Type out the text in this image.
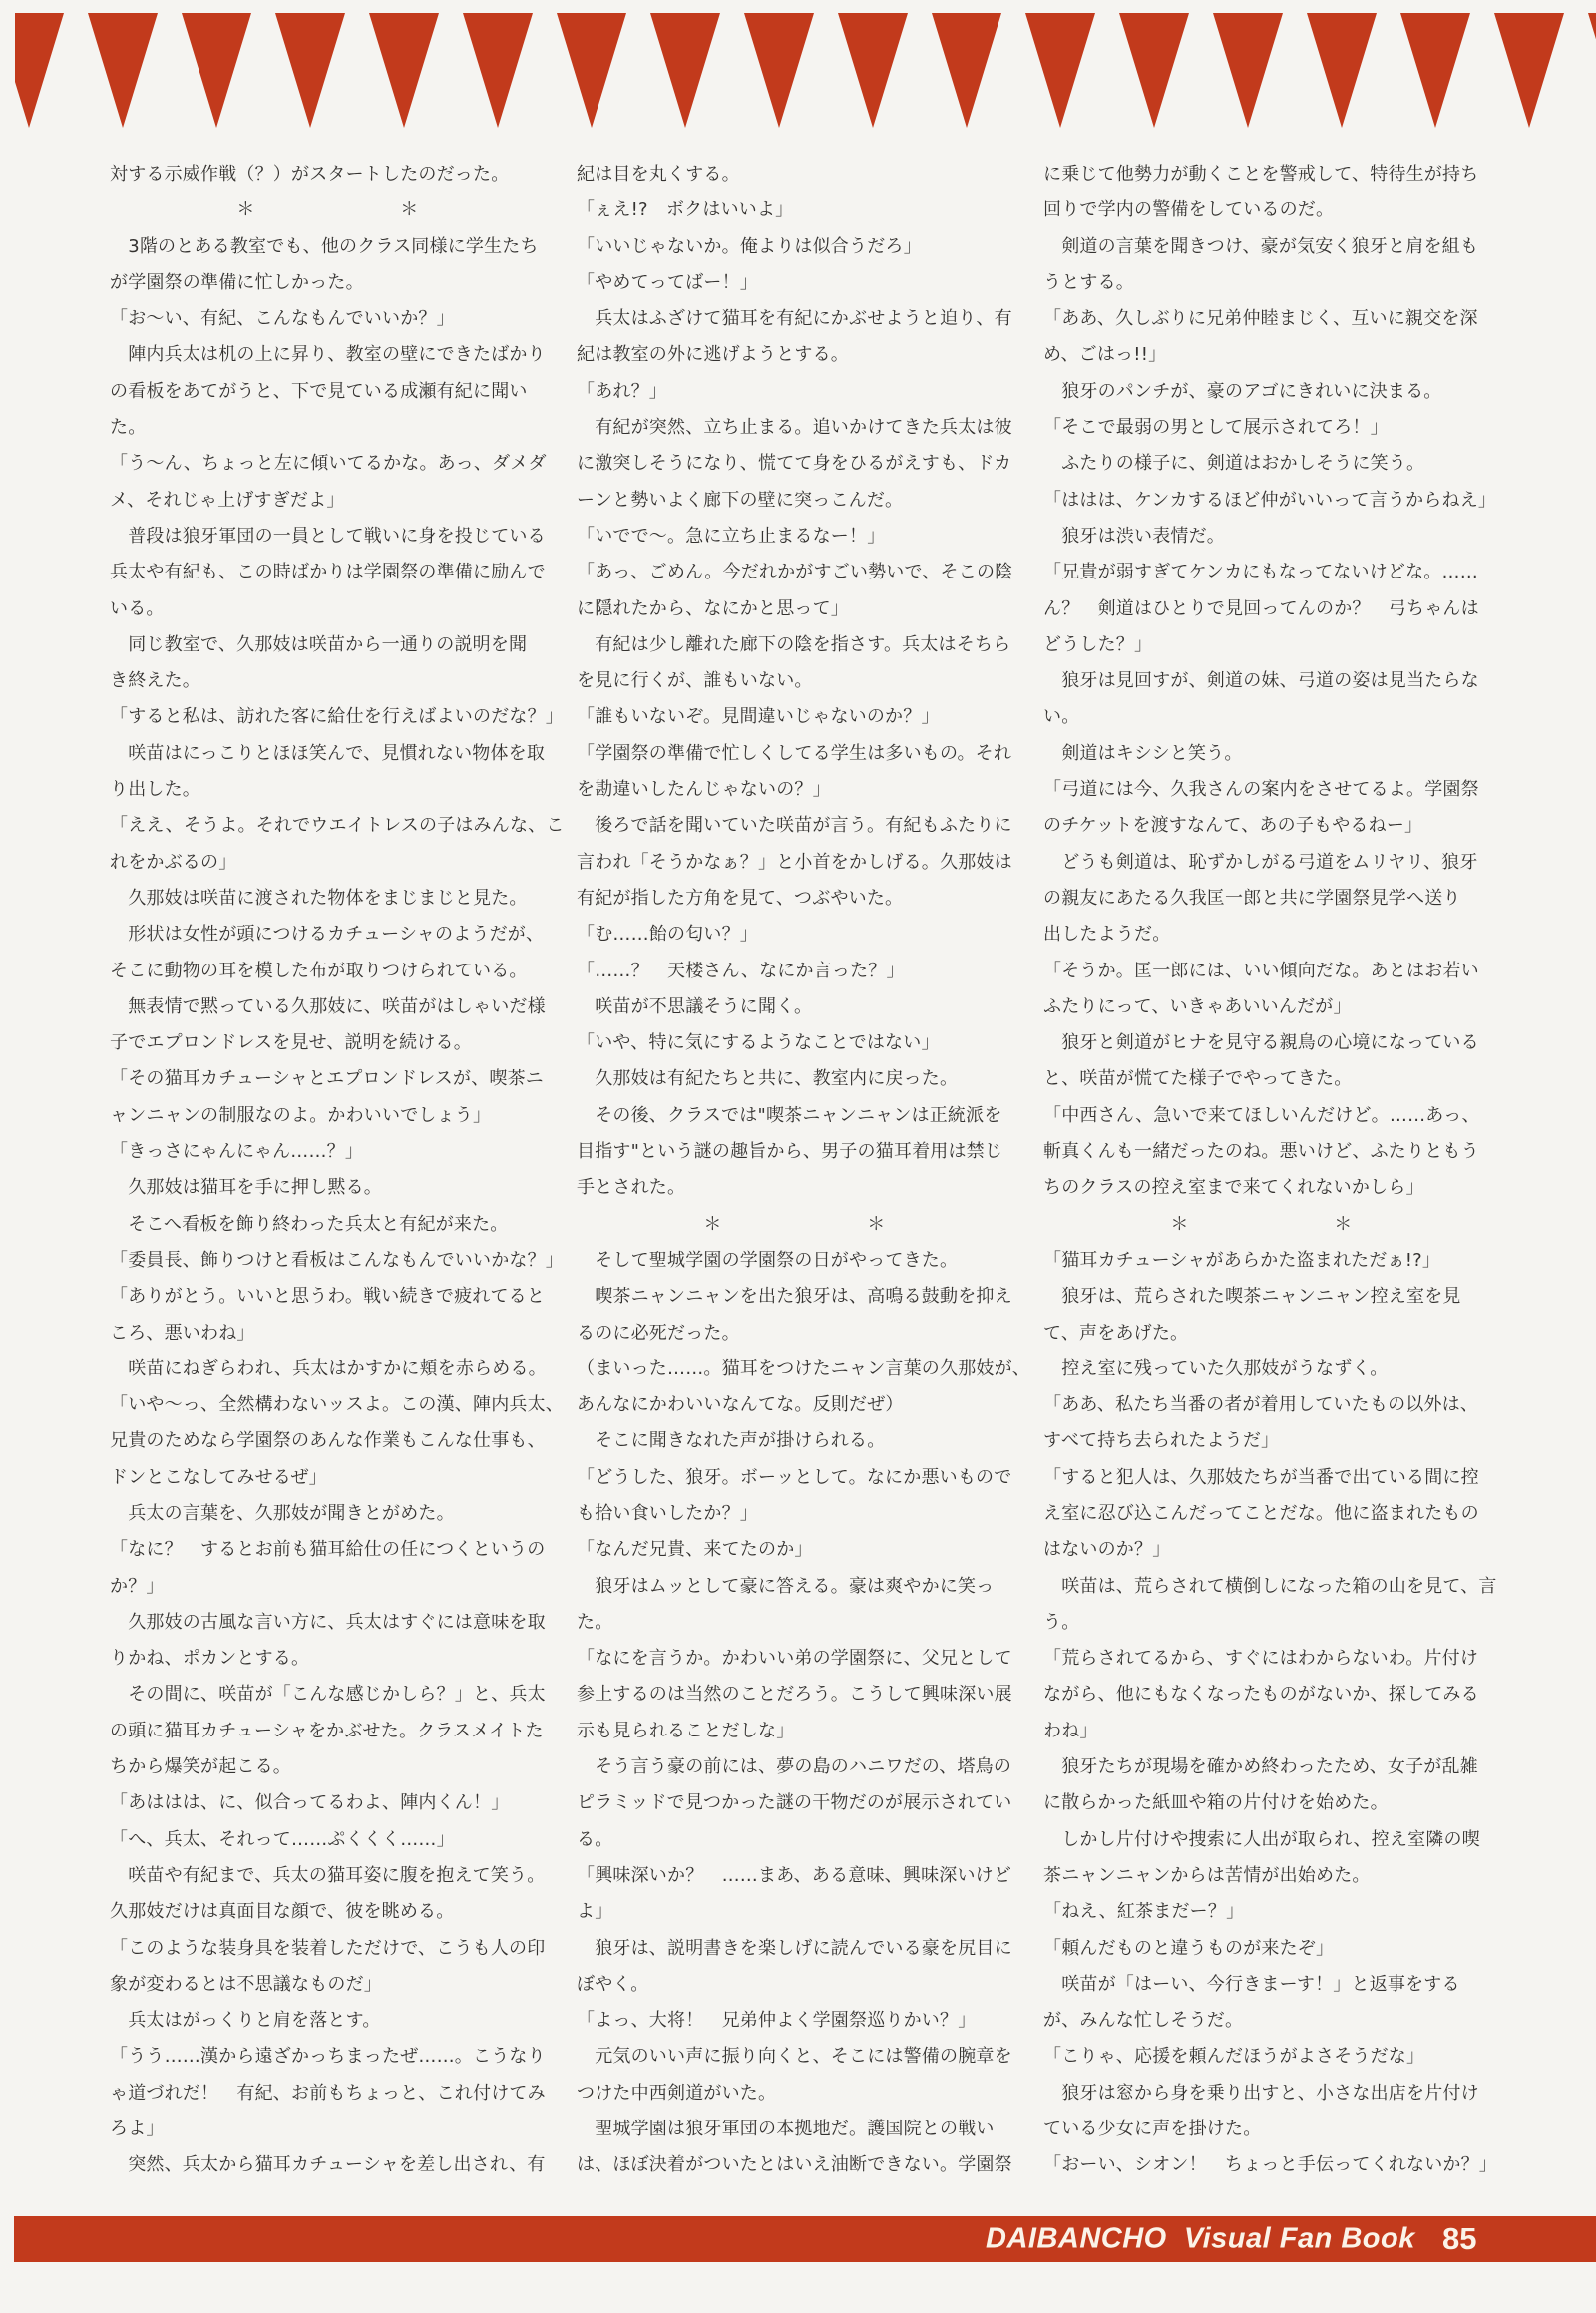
対する示威作戦（？）がスタートしたのだった。
　　　　　　　＊　　　　　　　　＊
　3階のとある教室でも、他のクラス同様に学生たち
が学園祭の準備に忙しかった。
「お〜い、有紀、こんなもんでいいか？」
　陣内兵太は机の上に昇り、教室の壁にできたばかり
の看板をあてがうと、下で見ている成瀬有紀に聞い
た。
「う〜ん、ちょっと左に傾いてるかな。あっ、ダメダ
メ、それじゃ上げすぎだよ」
　普段は狼牙軍団の一員として戦いに身を投じている
兵太や有紀も、この時ばかりは学園祭の準備に励んで
いる。
　同じ教室で、久那妓は咲苗から一通りの説明を聞
き終えた。
「すると私は、訪れた客に給仕を行えばよいのだな？」
　咲苗はにっこりとほほ笑んで、見慣れない物体を取
り出した。
「ええ、そうよ。それでウエイトレスの子はみんな、こ
れをかぶるの」
　久那妓は咲苗に渡された物体をまじまじと見た。
　形状は女性が頭につけるカチューシャのようだが、
そこに動物の耳を模した布が取りつけられている。
　無表情で黙っている久那妓に、咲苗がはしゃいだ様
子でエプロンドレスを見せ、説明を続ける。
「その猫耳カチューシャとエプロンドレスが、喫茶ニ
ャンニャンの制服なのよ。かわいいでしょう」
「きっさにゃんにゃん……？」
　久那妓は猫耳を手に押し黙る。
　そこへ看板を飾り終わった兵太と有紀が来た。
「委員長、飾りつけと看板はこんなもんでいいかな？」
「ありがとう。いいと思うわ。戦い続きで疲れてると
ころ、悪いわね」
　咲苗にねぎらわれ、兵太はかすかに頬を赤らめる。
「いや〜っ、全然構わないッスよ。この漢、陣内兵太、
兄貴のためなら学園祭のあんな作業もこんな仕事も、
ドンとこなしてみせるぜ」
　兵太の言葉を、久那妓が聞きとがめた。
「なに？　するとお前も猫耳給仕の任につくというの
か？」
　久那妓の古風な言い方に、兵太はすぐには意味を取
りかね、ポカンとする。
　その間に、咲苗が「こんな感じかしら？」と、兵太
の頭に猫耳カチューシャをかぶせた。クラスメイトた
ちから爆笑が起こる。
「あははは、に、似合ってるわよ、陣内くん！」
「へ、兵太、それって……ぷくくく……」
　咲苗や有紀まで、兵太の猫耳姿に腹を抱えて笑う。
久那妓だけは真面目な顔で、彼を眺める。
「このような装身具を装着しただけで、こうも人の印
象が変わるとは不思議なものだ」
　兵太はがっくりと肩を落とす。
「うう……漢から遠ざかっちまったぜ……。こうなり
ゃ道づれだ！　有紀、お前もちょっと、これ付けてみ
ろよ」
　突然、兵太から猫耳カチューシャを差し出され、有
紀は目を丸くする。
「ぇえ!?　ボクはいいよ」
「いいじゃないか。俺よりは似合うだろ」
「やめてってばー！」
　兵太はふざけて猫耳を有紀にかぶせようと迫り、有
紀は教室の外に逃げようとする。
「あれ？」
　有紀が突然、立ち止まる。追いかけてきた兵太は彼
に激突しそうになり、慌てて身をひるがえすも、ドカ
ーンと勢いよく廊下の壁に突っこんだ。
「いでで〜。急に立ち止まるなー！」
「あっ、ごめん。今だれかがすごい勢いで、そこの陰
に隠れたから、なにかと思って」
　有紀は少し離れた廊下の陰を指さす。兵太はそちら
を見に行くが、誰もいない。
「誰もいないぞ。見間違いじゃないのか？」
「学園祭の準備で忙しくしてる学生は多いもの。それ
を勘違いしたんじゃないの？」
　後ろで話を聞いていた咲苗が言う。有紀もふたりに
言われ「そうかなぁ？」と小首をかしげる。久那妓は
有紀が指した方角を見て、つぶやいた。
「む……飴の匂い？」
「……？　天楼さん、なにか言った？」
　咲苗が不思議そうに聞く。
「いや、特に気にするようなことではない」
　久那妓は有紀たちと共に、教室内に戻った。
　その後、クラスでは"喫茶ニャンニャンは正統派を
目指す"という謎の趣旨から、男子の猫耳着用は禁じ
手とされた。
　　　　　　　＊　　　　　　　　＊
　そして聖城学園の学園祭の日がやってきた。
　喫茶ニャンニャンを出た狼牙は、高鳴る鼓動を抑え
るのに必死だった。
（まいった……。猫耳をつけたニャン言葉の久那妓が、
あんなにかわいいなんてな。反則だぜ）
　そこに聞きなれた声が掛けられる。
「どうした、狼牙。ボーッとして。なにか悪いもので
も拾い食いしたか？」
「なんだ兄貴、来てたのか」
　狼牙はムッとして豪に答える。豪は爽やかに笑っ
た。
「なにを言うか。かわいい弟の学園祭に、父兄として
参上するのは当然のことだろう。こうして興味深い展
示も見られることだしな」
　そう言う豪の前には、夢の島のハニワだの、塔鳥の
ピラミッドで見つかった謎の干物だのが展示されてい
る。
「興味深いか？　……まあ、ある意味、興味深いけど
よ」
　狼牙は、説明書きを楽しげに読んでいる豪を尻目に
ぼやく。
「よっ、大将！　兄弟仲よく学園祭巡りかい？」
　元気のいい声に振り向くと、そこには警備の腕章を
つけた中西剣道がいた。
　聖城学園は狼牙軍団の本拠地だ。護国院との戦い
は、ほぼ決着がついたとはいえ油断できない。学園祭
に乗じて他勢力が動くことを警戒して、特待生が持ち
回りで学内の警備をしているのだ。
　剣道の言葉を聞きつけ、豪が気安く狼牙と肩を組も
うとする。
「ああ、久しぶりに兄弟仲睦まじく、互いに親交を深
め、ごはっ!!」
　狼牙のパンチが、豪のアゴにきれいに決まる。
「そこで最弱の男として展示されてろ！」
　ふたりの様子に、剣道はおかしそうに笑う。
「ははは、ケンカするほど仲がいいって言うからねえ」
　狼牙は渋い表情だ。
「兄貴が弱すぎてケンカにもなってないけどな。……
ん？　剣道はひとりで見回ってんのか？　弓ちゃんは
どうした？」
　狼牙は見回すが、剣道の妹、弓道の姿は見当たらな
い。
　剣道はキシシと笑う。
「弓道には今、久我さんの案内をさせてるよ。学園祭
のチケットを渡すなんて、あの子もやるねー」
　どうも剣道は、恥ずかしがる弓道をムリヤリ、狼牙
の親友にあたる久我匡一郎と共に学園祭見学へ送り
出したようだ。
「そうか。匡一郎には、いい傾向だな。あとはお若い
ふたりにって、いきゃあいいんだが」
　狼牙と剣道がヒナを見守る親鳥の心境になっている
と、咲苗が慌てた様子でやってきた。
「中西さん、急いで来てほしいんだけど。……あっ、
斬真くんも一緒だったのね。悪いけど、ふたりともう
ちのクラスの控え室まで来てくれないかしら」
　　　　　　　＊　　　　　　　　＊
「猫耳カチューシャがあらかた盗まれただぁ!?」
　狼牙は、荒らされた喫茶ニャンニャン控え室を見
て、声をあげた。
　控え室に残っていた久那妓がうなずく。
「ああ、私たち当番の者が着用していたもの以外は、
すべて持ち去られたようだ」
「すると犯人は、久那妓たちが当番で出ている間に控
え室に忍び込こんだってことだな。他に盗まれたもの
はないのか？」
　咲苗は、荒らされて横倒しになった箱の山を見て、言
う。
「荒らされてるから、すぐにはわからないわ。片付け
ながら、他にもなくなったものがないか、探してみる
わね」
　狼牙たちが現場を確かめ終わったため、女子が乱雑
に散らかった紙皿や箱の片付けを始めた。
　しかし片付けや捜索に人出が取られ、控え室隣の喫
茶ニャンニャンからは苦情が出始めた。
「ねえ、紅茶まだー？」
「頼んだものと違うものが来たぞ」
　咲苗が「はーい、今行きまーす！」と返事をする
が、みんな忙しそうだ。
「こりゃ、応援を頼んだほうがよさそうだな」
　狼牙は窓から身を乗り出すと、小さな出店を片付け
ている少女に声を掛けた。
「おーい、シオン！　ちょっと手伝ってくれないか？」
DAIBANCHO  Visual Fan Book 85
